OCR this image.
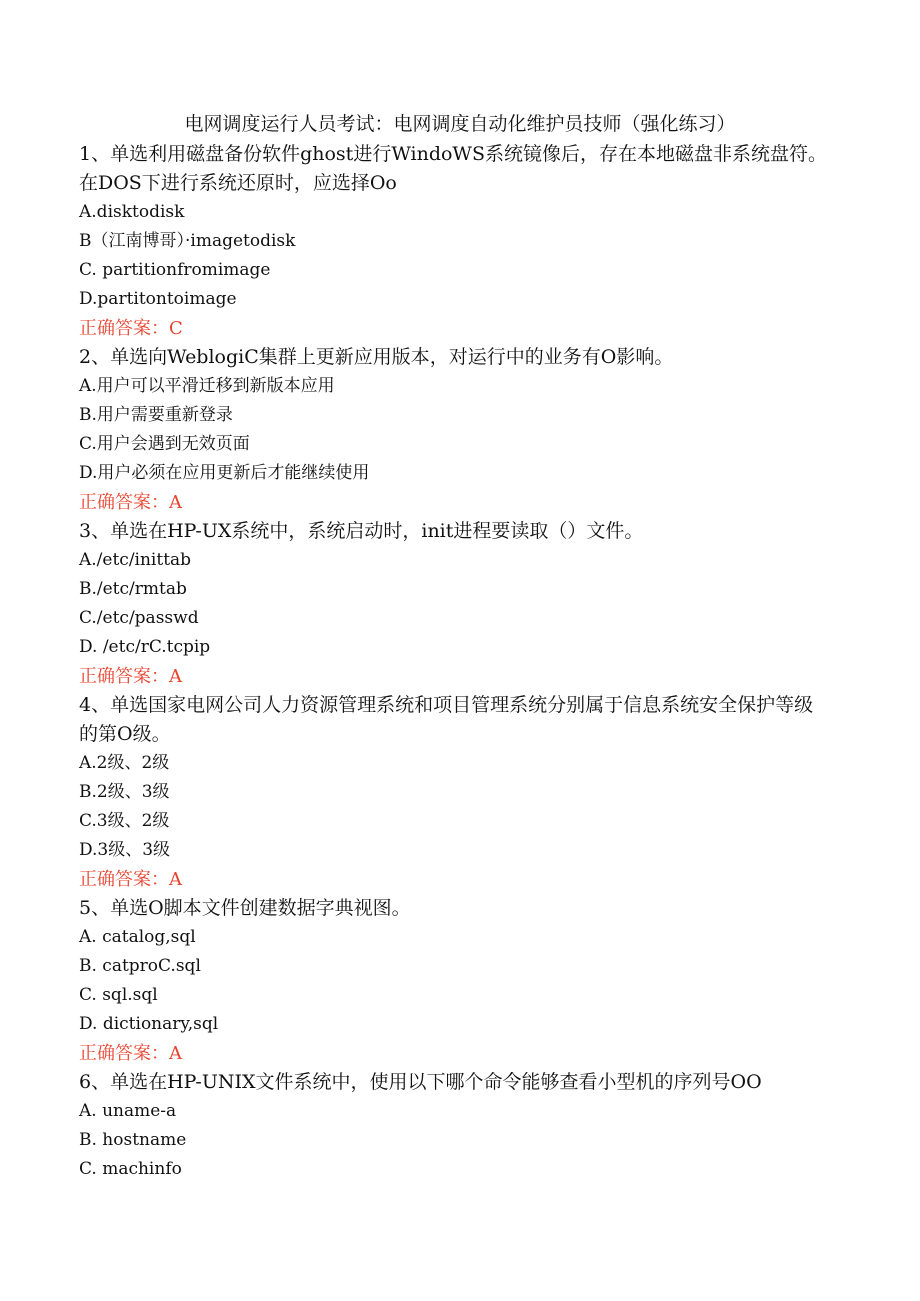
电网调度运行人员考试：电网调度自动化维护员技师（强化练习）
1、单选利用磁盘备份软件ghost进行WindoWS系统镜像后，存在本地磁盘非系统盘符。在DOS下进行系统还原时，应选择Oo
A.disktodisk
B（江南博哥）·imagetodisk
C. partitionfromimage
D.partitontoimage
正确答案：C
2、单选向WeblogiC集群上更新应用版本，对运行中的业务有O影响。
A.用户可以平滑迁移到新版本应用
B.用户需要重新登录
C.用户会遇到无效页面
D.用户必须在应用更新后才能继续使用
正确答案：A
3、单选在HP-UX系统中，系统启动时，init进程要读取（）文件。
A./etc/inittab
B./etc/rmtab
C./etc/passwd
D. /etc/rC.tcpip
正确答案：A
4、单选国家电网公司人力资源管理系统和项目管理系统分别属于信息系统安全保护等级的第O级。
A.2级、2级
B.2级、3级
C.3级、2级
D.3级、3级
正确答案：A
5、单选O脚本文件创建数据字典视图。
A. catalog,sql
B. catproC.sql
C. sql.sql
D. dictionary,sql
正确答案：A
6、单选在HP-UNIX文件系统中，使用以下哪个命令能够查看小型机的序列号OO
A. uname-a
B. hostname
C. machinfo
